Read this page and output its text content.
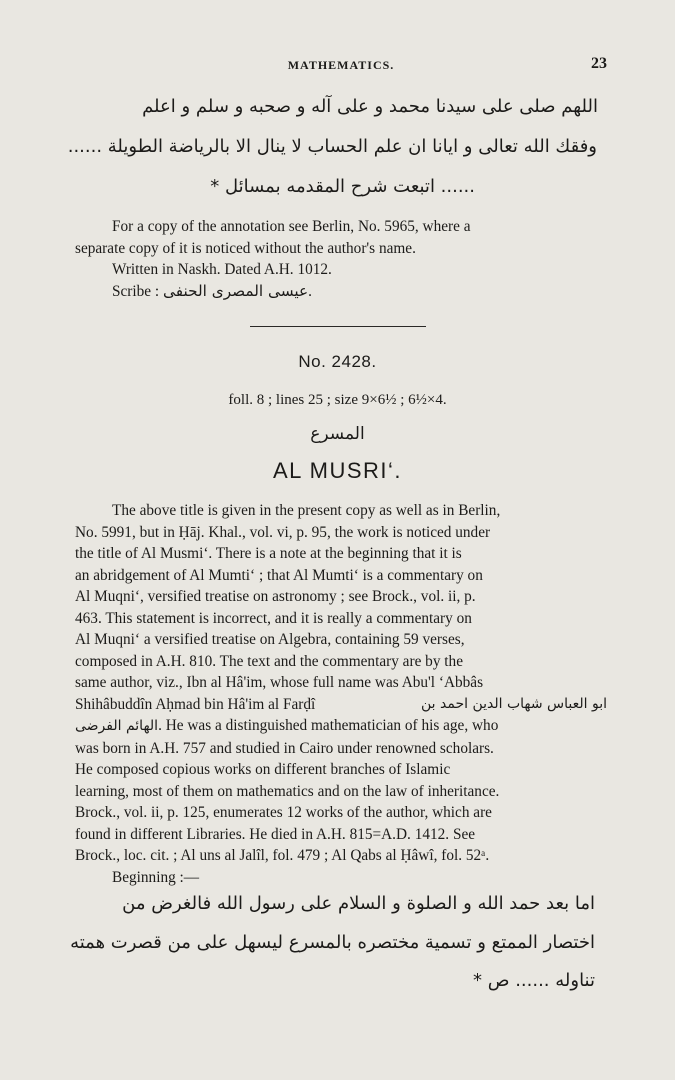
MATHEMATICS.	23
اللهم صلى على سيدنا محمد و على آله و صحبه و سلم و اعلم
وفقك الله تعالى و ايانا ان علم الحساب لا ينال الا بالرياضة الطويلة ......
...... اتبعت شرح المقدمه بمسائل *

For a copy of the annotation see Berlin, No. 5965, where a

separate copy of it is noticed without the author's name.
Written in Naskh. Dated A.H. 1012.
Scribe : عيسى المصرى الحنفى.
No. 2428.
foll. 8 ; lines 25 ; size 9×6½ ; 6½×4.
المسرع
AL MUSRI‘.
The above title is given in the present copy as well as in Berlin,
No. 5991, but in Ḥāj. Khal., vol. vi, p. 95, the work is noticed under
the title of Al Musmi‘. There is a note at the beginning that it is
an abridgement of Al Mumti‘ ; that Al Mumti‘ is a commentary on
Al Muqni‘, versified treatise on astronomy ; see Brock., vol. ii, p.
463. This statement is incorrect, and it is really a commentary on
Al Muqni‘ a versified treatise on Algebra, containing 59 verses,
composed in A.H. 810. The text and the commentary are by the
same author, viz., Ibn al Hâ'im, whose full name was Abu'l ‘Abbâs
Shihâbuddîn Aḥmad bin Hâ'im al Farḍî	ابو العباس شهاب الدين احمد بن
الهائم الفرضى. He was a distinguished mathematician of his age, who
was born in A.H. 757 and studied in Cairo under renowned scholars.
He composed copious works on different branches of Islamic
learning, most of them on mathematics and on the law of inheritance.
Brock., vol. ii, p. 125, enumerates 12 works of the author, which are
found in different Libraries. He died in A.H. 815=A.D. 1412. See
Brock., loc. cit. ; Al uns al Jalîl, fol. 479 ; Al Qabs al Ḥâwî, fol. 52ᵃ.
Beginning :—
اما بعد حمد الله و الصلوة و السلام على رسول الله فالغرض من
اختصار الممتع و تسمية مختصره بالمسرع ليسهل على من قصرت همته
تناوله ...... ص *
